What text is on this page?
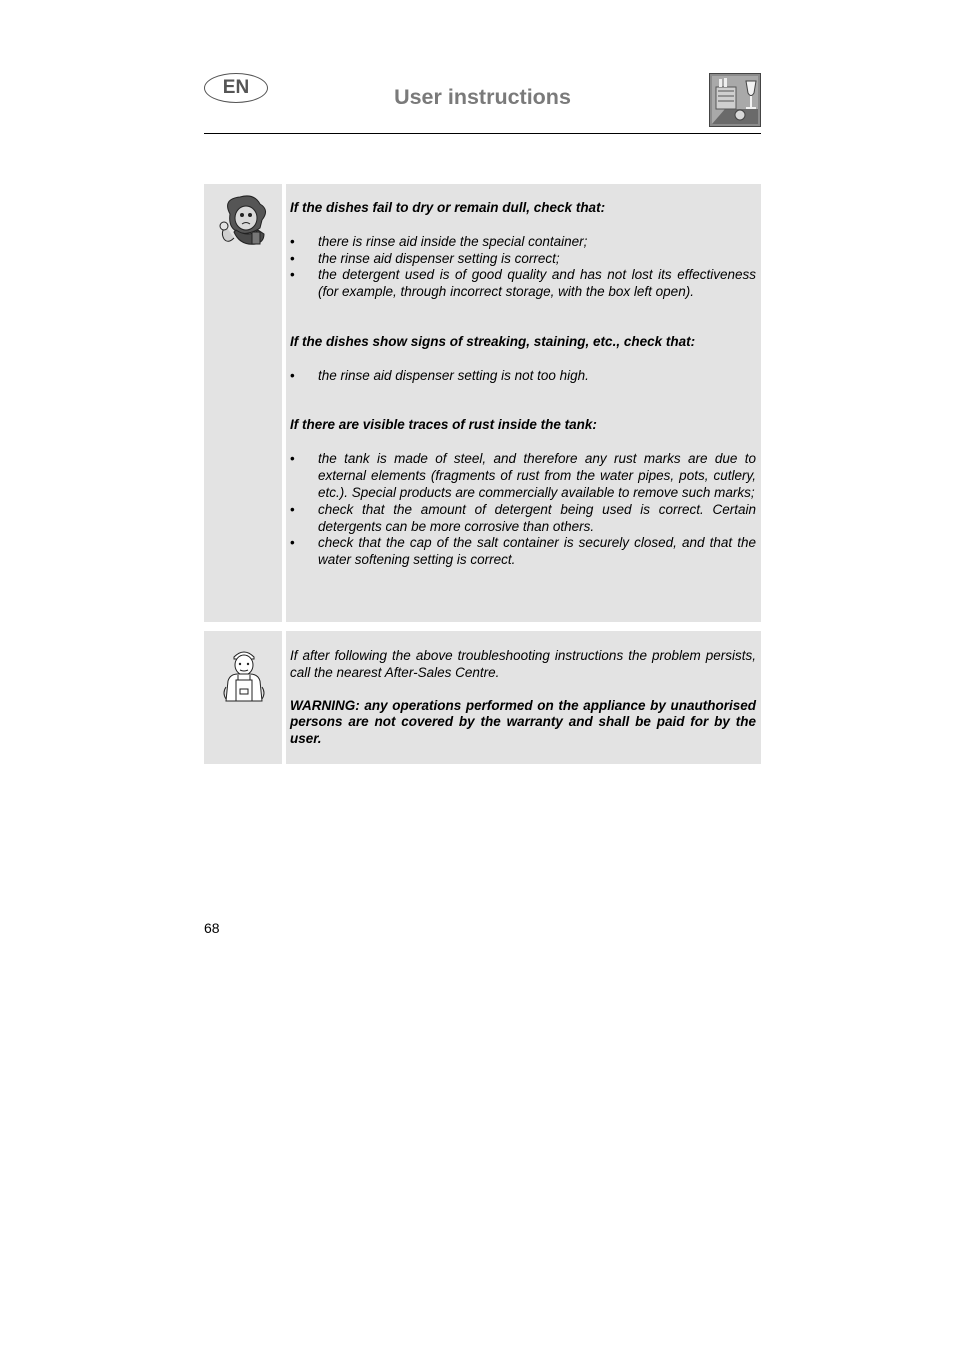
EN	User instructions

If the dishes fail to dry or remain dull, check that:

• there is rinse aid inside the special container;
• the rinse aid dispenser setting is correct;
• the detergent used is of good quality and has not lost its effectiveness (for example, through incorrect storage, with the box left open).

If the dishes show signs of streaking, staining, etc., check that:

• the rinse aid dispenser setting is not too high.

If there are visible traces of rust inside the tank:

• the tank is made of steel, and therefore any rust marks are due to external elements (fragments of rust from the water pipes, pots, cutlery, etc.). Special products are commercially available to remove such marks;
• check that the amount of detergent being used is correct. Certain detergents can be more corrosive than others.
• check that the cap of the salt container is securely closed, and that the water softening setting is correct.

If after following the above troubleshooting instructions the problem persists, call the nearest After-Sales Centre.

WARNING: any operations performed on the appliance by unauthorised persons are not covered by the warranty and shall be paid for by the user.

68
